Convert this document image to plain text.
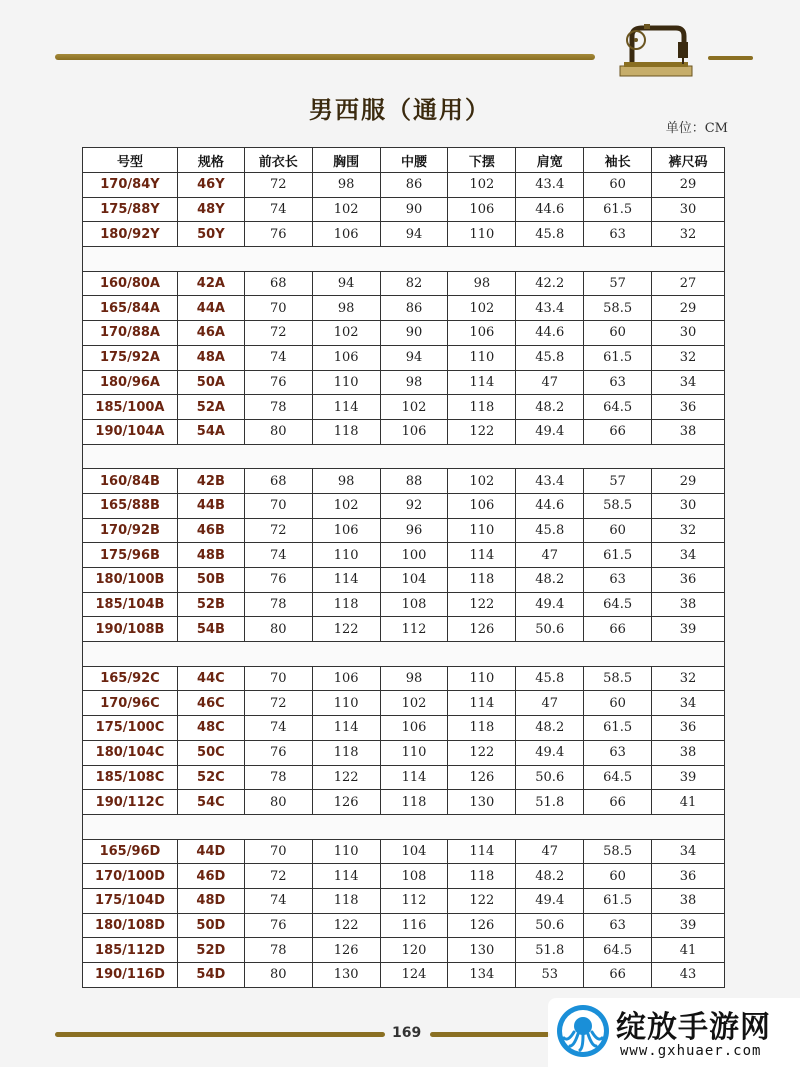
男西服（通用）
单位：CM
号型	规格	前衣长	胸围	中腰	下摆	肩宽	袖长	裤尺码
170/84Y	46Y	72	98	86	102	43.4	60	29
175/88Y	48Y	74	102	90	106	44.6	61.5	30
180/92Y	50Y	76	106	94	110	45.8	63	32

160/80A	42A	68	94	82	98	42.2	57	27
165/84A	44A	70	98	86	102	43.4	58.5	29
170/88A	46A	72	102	90	106	44.6	60	30
175/92A	48A	74	106	94	110	45.8	61.5	32
180/96A	50A	76	110	98	114	47	63	34
185/100A	52A	78	114	102	118	48.2	64.5	36
190/104A	54A	80	118	106	122	49.4	66	38

160/84B	42B	68	98	88	102	43.4	57	29
165/88B	44B	70	102	92	106	44.6	58.5	30
170/92B	46B	72	106	96	110	45.8	60	32
175/96B	48B	74	110	100	114	47	61.5	34
180/100B	50B	76	114	104	118	48.2	63	36
185/104B	52B	78	118	108	122	49.4	64.5	38
190/108B	54B	80	122	112	126	50.6	66	39

165/92C	44C	70	106	98	110	45.8	58.5	32
170/96C	46C	72	110	102	114	47	60	34
175/100C	48C	74	114	106	118	48.2	61.5	36
180/104C	50C	76	118	110	122	49.4	63	38
185/108C	52C	78	122	114	126	50.6	64.5	39
190/112C	54C	80	126	118	130	51.8	66	41

165/96D	44D	70	110	104	114	47	58.5	34
170/100D	46D	72	114	108	118	48.2	60	36
175/104D	48D	74	118	112	122	49.4	61.5	38
180/108D	50D	76	122	116	126	50.6	63	39
185/112D	52D	78	126	120	130	51.8	64.5	41
190/116D	54D	80	130	124	134	53	66	43
169	绽放手游网
www.gxhuaer.com
